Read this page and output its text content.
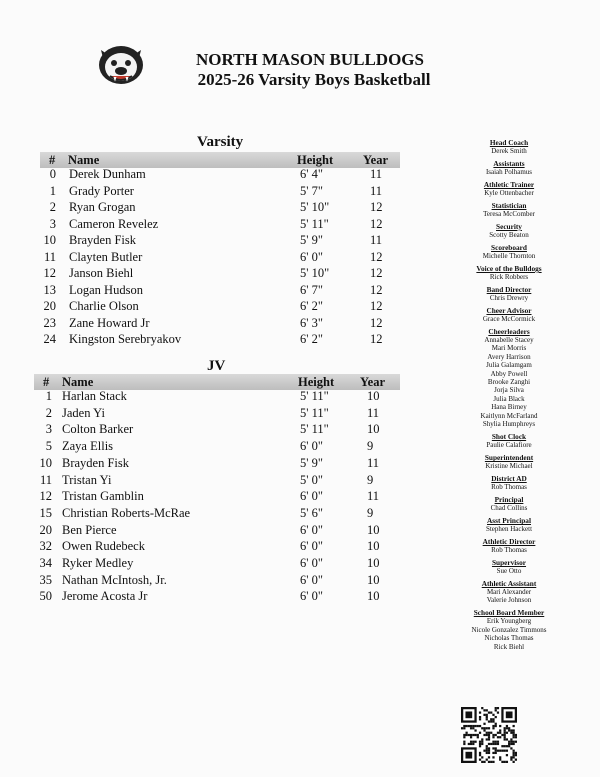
NORTH MASON BULLDOGS
2025-26 Varsity Boys Basketball
Varsity
# Name	Height Year
0 Derek Dunham	6' 4"	11
1 Grady Porter	5' 7"	11
2 Ryan Grogan	5' 10"	12
3 Cameron Revelez	5' 11"	12
10 Brayden Fisk	5' 9"	11
11 Clayten Butler	6' 0"	12
12 Janson Biehl	5' 10"	12
13 Logan Hudson	6' 7"	12
20 Charlie Olson	6' 2"	12
23 Zane Howard Jr	6' 3"	12
24 Kingston Serebryakov	6' 2"	12
JV
# Name	Height Year
1 Harlan Stack	5' 11"	10
2 Jaden Yi	5' 11"	11
3 Colton Barker	5' 11"	10
5 Zaya Ellis	6' 0"	9
10 Brayden Fisk	5' 9"	11
11 Tristan Yi	5' 0"	9
12 Tristan Gamblin	6' 0"	11
15 Christian Roberts-McRae	5' 6"	9
20 Ben Pierce	6' 0"	10
32 Owen Rudebeck	6' 0"	10
34 Ryker Medley	6' 0"	10
35 Nathan McIntosh, Jr.	6' 0"	10
50 Jerome Acosta Jr	6' 0"	10
Head Coach
Derek Smith
Assistants
Isaiah Polhamus
Athletic Trainer
Kyle Ottenbacher
Statistician
Teresa McComber
Security
Scotty Beaton
Scoreboard
Michelle Thornton
Voice of the Bulldogs
Rick Robbers
Band Director
Chris Drewry
Cheer Advisor
Grace McCormick
Cheerleaders
Annabelle Stacey
Mari Morris
Avery Harrison
Julia Galamgam
Abby Powell
Brooke Zanghi
Jorja Silva
Julia Black
Hana Birney
Kaitlynn McFarland
Shylia Humphreys
Shot Clock
Paulie Calafiore
Superintendent
Kristine Michael
District AD
Rob Thomas
Principal
Chad Collins
Asst Principal
Stephen Hackett
Athletic Director
Rob Thomas
Supervisor
Sue Otto
Athletic Assistant
Mari Alexander
Valerie Johnson
School Board Member
Erik Youngberg
Nicole Gonzalez Timmons
Nicholas Thomas
Rick Biehl
